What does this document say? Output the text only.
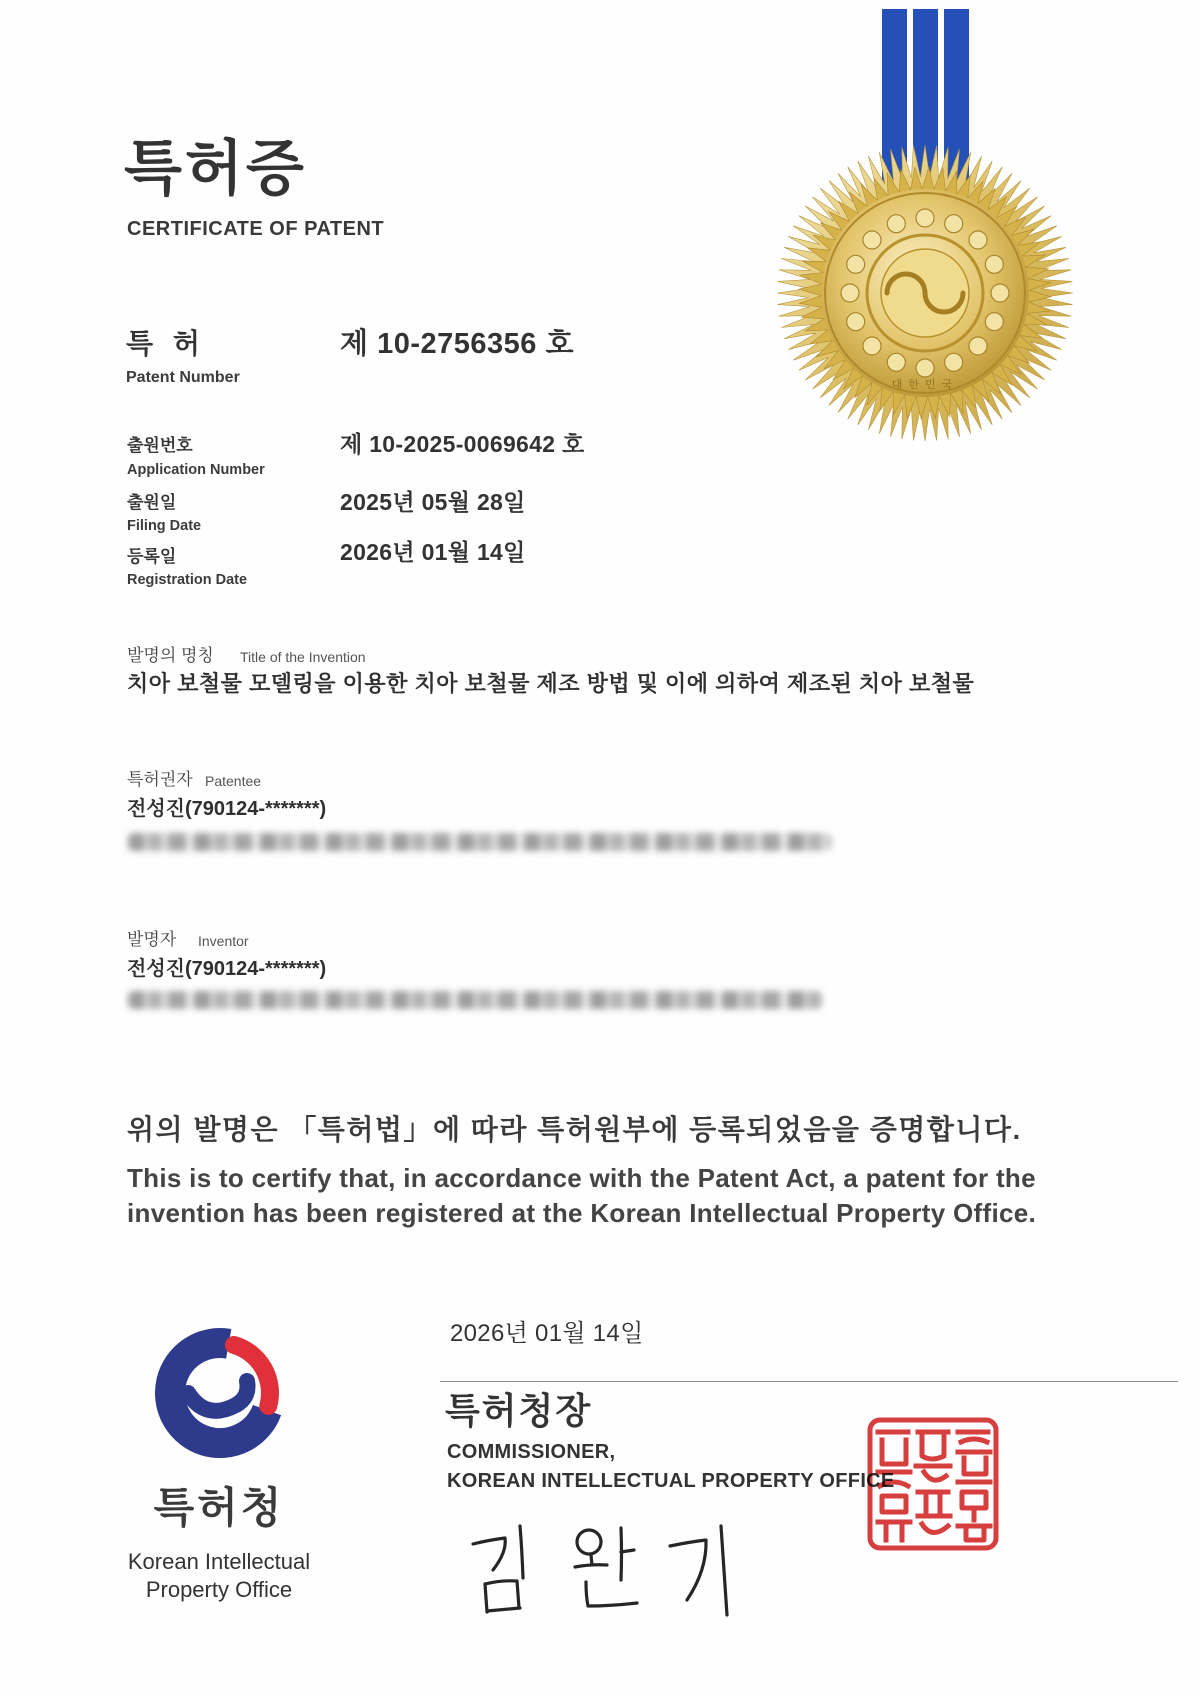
특허증
CERTIFICATE OF PATENT
대한민국
특 허
Patent Number
제 10-2756356 호
출원번호
Application Number
제 10-2025-0069642 호
출원일
Filing Date
2025년 05월 28일
등록일
Registration Date
2026년 01월 14일
발명의 명칭 Title of the Invention
치아 보철물 모델링을 이용한 치아 보철물 제조 방법 및 이에 의하여 제조된 치아 보철물
특허권자 Patentee
전성진(790124-*******)
발명자 Inventor
전성진(790124-*******)
위의 발명은 「특허법」에 따라 특허원부에 등록되었음을 증명합니다.
This is to certify that, in accordance with the Patent Act, a patent for the
invention has been registered at the Korean Intellectual Property Office.
특허청
Korean Intellectual
Property Office
2026년 01월 14일
특허청장
COMMISSIONER,
KOREAN INTELLECTUAL PROPERTY OFFICE
